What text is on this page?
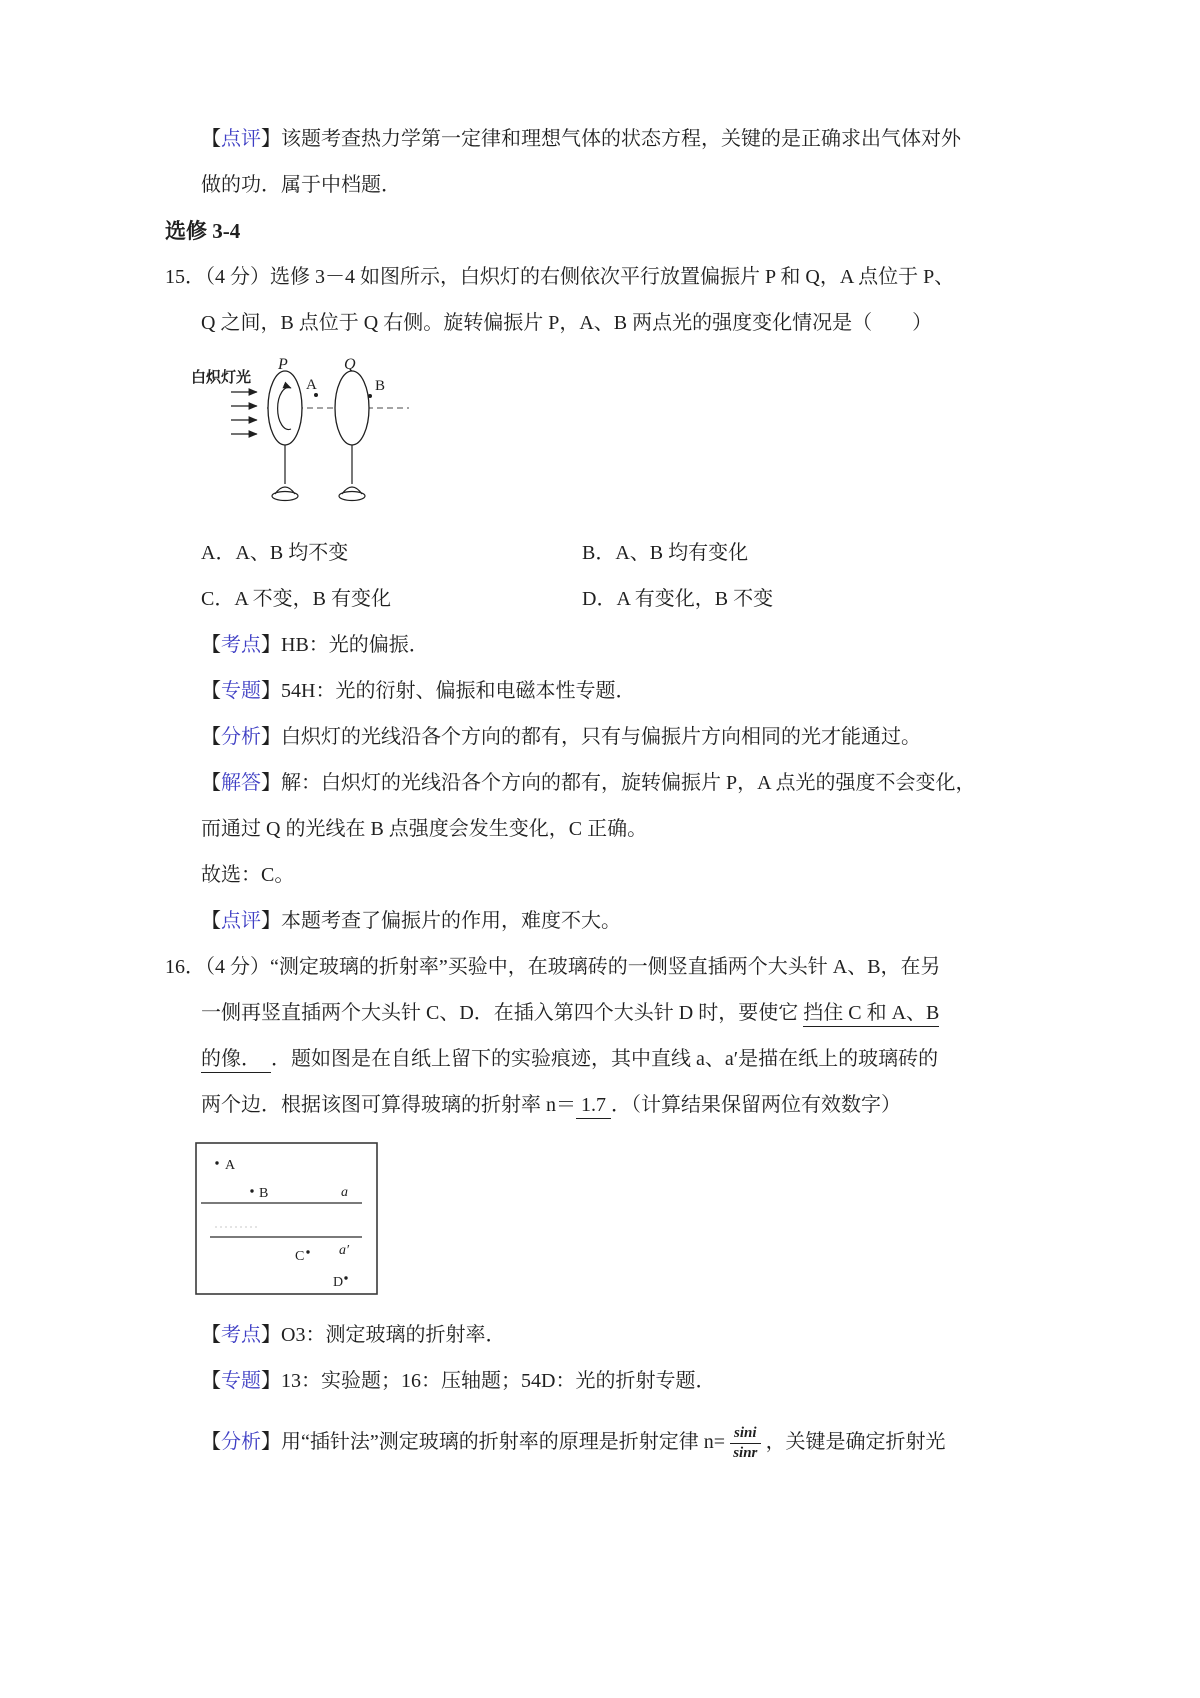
【点评】该题考查热力学第一定律和理想气体的状态方程，关键的是正确求出气体对外
做的功．属于中档题．
选修 3-4
15．（4 分）选修 3－4 如图所示，白炽灯的右侧依次平行放置偏振片 P 和 Q，A 点位于 P、
Q 之间，B 点位于 Q 右侧。旋转偏振片 P，A、B 两点光的强度变化情况是（　　）
白炽灯光
P	Q
A	B
A．A、B 均不变	B．A、B 均有变化
C．A 不变，B 有变化	D．A 有变化，B 不变
【考点】HB：光的偏振．
【专题】54H：光的衍射、偏振和电磁本性专题．
【分析】白炽灯的光线沿各个方向的都有，只有与偏振片方向相同的光才能通过。
【解答】解：白炽灯的光线沿各个方向的都有，旋转偏振片 P，A 点光的强度不会变化，
而通过 Q 的光线在 B 点强度会发生变化，C 正确。
故选：C。
【点评】本题考查了偏振片的作用，难度不大。
16．（4 分）“测定玻璃的折射率”买验中，在玻璃砖的一侧竖直插两个大头针 A、B，在另
一侧再竖直插两个大头针 C、D．在插入第四个大头针 D 时，要使它 挡住 C 和 A、B
的像．　．题如图是在自纸上留下的实验痕迹，其中直线 a、a′是描在纸上的玻璃砖的
两个边．根据该图可算得玻璃的折射率 n＝ 1.7 ．（计算结果保留两位有效数字）
A
B	a
a′
C
D
【考点】O3：测定玻璃的折射率．
【专题】13：实验题；16：压轴题；54D：光的折射专题．
【分析】用“插针法”测定玻璃的折射率的原理是折射定律 $n= \frac{\sin i}{\sin r}$ ，关键是确定折射光
